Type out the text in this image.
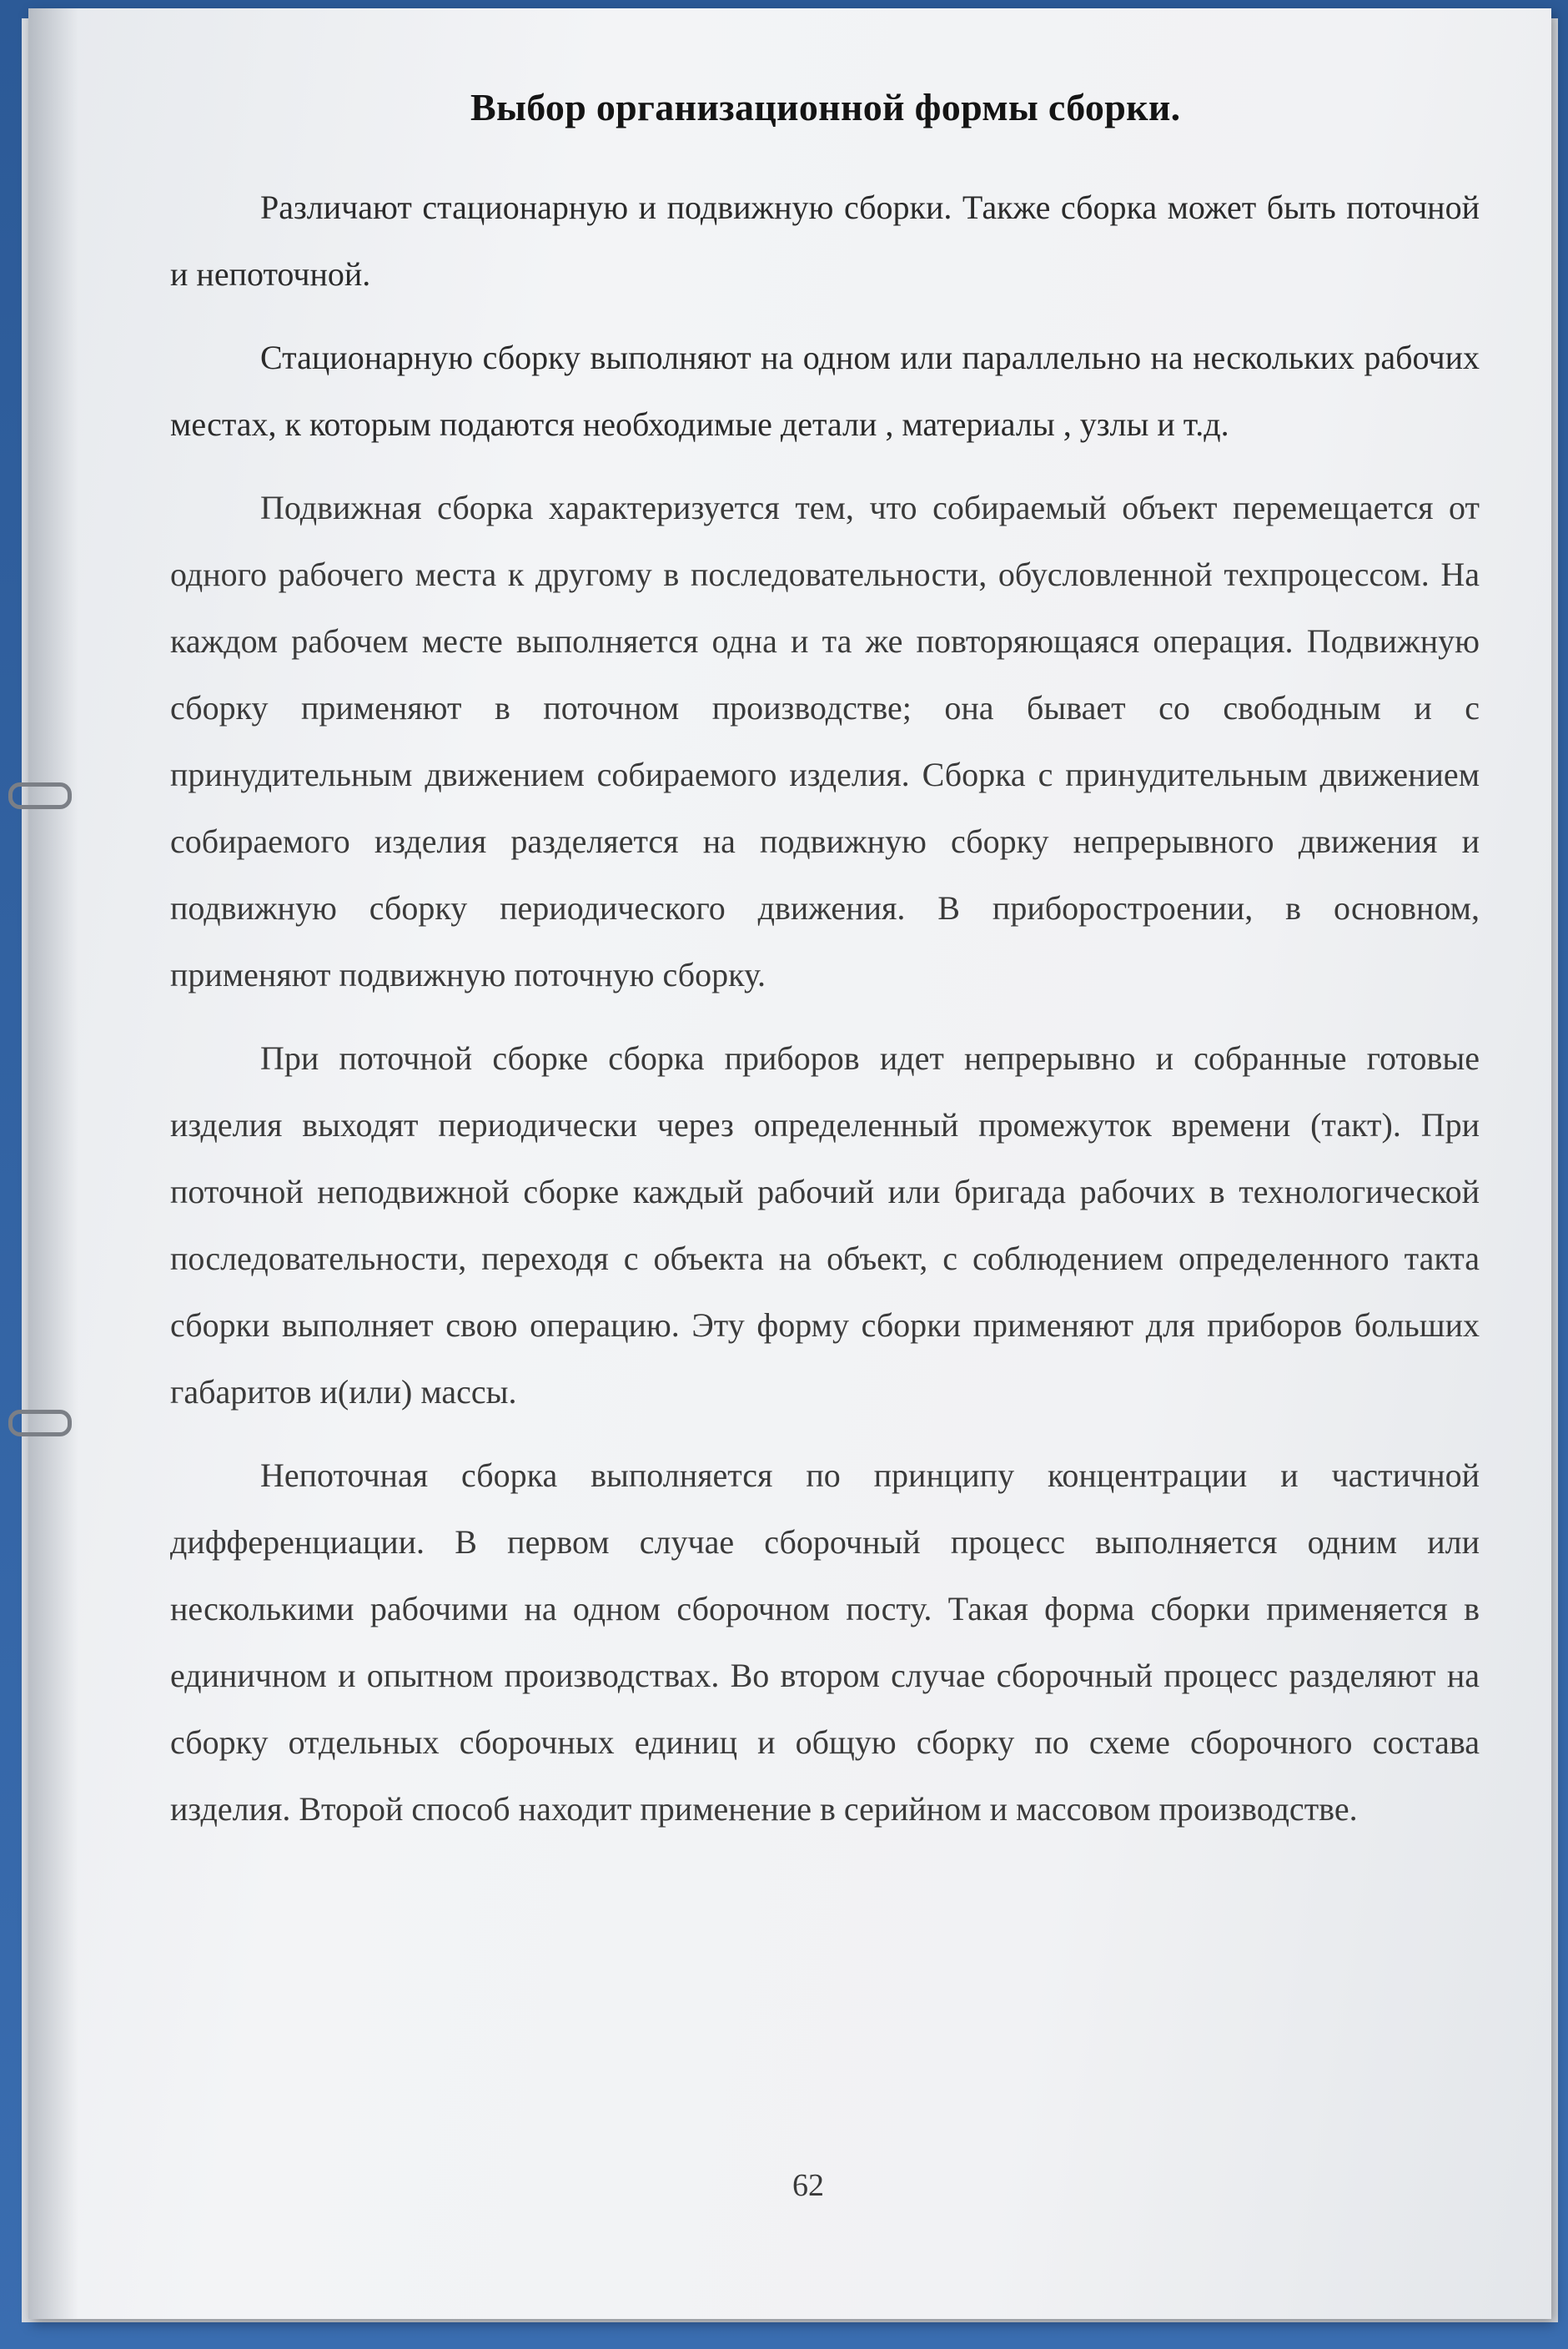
Выбор организационной формы сборки.

Различают стационарную и подвижную сборки. Также сборка может быть поточной и непоточной.

Стационарную сборку выполняют на одном или параллельно на нескольких рабочих местах, к которым подаются необходимые детали , материалы , узлы и т.д.

Подвижная сборка характеризуется тем, что собираемый объект перемещается от одного рабочего места к другому в последовательности, обусловленной техпроцессом. На каждом рабочем месте выполняется одна и та же повторяющаяся операция. Подвижную сборку применяют в поточном производстве; она бывает со свободным и с принудительным движением собираемого изделия. Сборка с принудительным движением собираемого изделия разделяется на подвижную сборку непрерывного движения и подвижную сборку периодического движения. В приборостроении, в основном, применяют подвижную поточную сборку.

При поточной сборке сборка приборов идет непрерывно и собранные готовые изделия выходят периодически через определенный промежуток времени (такт). При поточной неподвижной сборке каждый рабочий или бригада рабочих в технологической последовательности, переходя с объекта на объект, с соблюдением определенного такта сборки выполняет свою операцию. Эту форму сборки применяют для приборов больших габаритов и(или) массы.

Непоточная сборка выполняется по принципу концентрации и частичной дифференциации. В первом случае сборочный процесс выполняется одним или несколькими рабочими на одном сборочном посту. Такая форма сборки применяется в единичном и опытном производствах. Во втором случае сборочный процесс разделяют на сборку отдельных сборочных единиц и общую сборку по схеме сборочного состава изделия. Второй способ находит применение в серийном и массовом производстве.

62
